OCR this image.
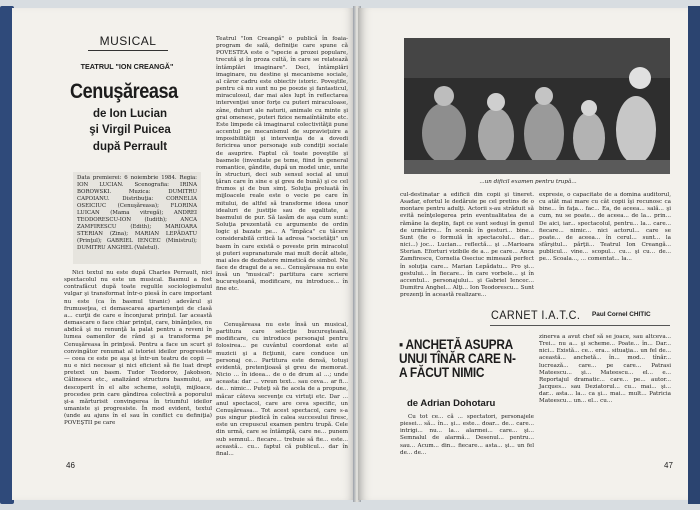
MUSICAL
TEATRUL "ION CREANGĂ"
Cenuşăreasa
de Ion Lucian
şi Virgil Puicea
după Perrault
Data premierei: 6 noiembrie 1984. Regia: ION LUCIAN. Scenografia: IRINA BOROWSKI. Muzica: DUMITRU CAPOIANU. Distribuţia: CORNELIA OSEICIUC (Cenuşăreasa); FLORINA LUICAN (Mama vitregă); ANDREI TEODORESCU-ION (Iudith); ANCA ZAMFIRESCU (Edith); MARIOARA STERIAN (Zina); MARIAN LEPĂDATU (Prinţul); GABRIEL IENCEC (Ministrul); DUMITRU ANGHEL (Valetul).

Nici textul nu este după Charles Perrault, nici spectacolul nu este un musical. Basmul a fost contrafăcut după toate regulile sociologismului vulgar şi transformat într-o piesă în care important nu este (ca în basmul tiranic) adevărul şi frumuseţea, ci demascarea apartenenţei de clasă a... curţii de care e înconjurat prinţul. Iar această demascare o face chiar prinţul, care, binânţeles, nu abdică şi nu renunţă la palat pentru a reveni în lumea oamenilor de rând şi a transforma pe Cenuşăreasa în prinţesă. Pentru a face un scurt şi convingător renumat al istoriei ideilor progresiste — ceea ce este pe aşa şi într-un teatru de copii — nu e nici necesar şi nici eficient să fie luat drept pretext un basm. Tudor Teodorov, Jakobson, Călinescu etc., analizând structura basmului, au descoperit în el alte scheme, soluţii, mijloace, procedee prin care gândirea colectivă a poporului şi-a mărturisit convingerea în triumful ideilor umaniste şi progresiste. În mod evident, textul (unde au ajuns în el sau în conflict cu definiţia) POVEŞTII pe care

Teatrul "Ion Creangă" o publică în foaia-program de sală, definiţie care spune că POVESTEA este o "specie a prozei populare, trecută şi în proza cultă, în care se relatează întâmplări imaginare". Deci, întâmplări imaginare, nu destine şi mecanisme sociale, al căror cadru este obiectiv istoric. Poveştile, pentru că nu sunt nu pe poezie şi fantasticul, miraculosul, dar mai ales lupt în reflectarea intervenţiei unor forţe cu puteri miraculoase, zâne, duhuri ale naturii, animale cu minte şi grai omenesc, puteri fizice nemaiîntâlnite etc. Este limpede că imaginarul colectivităţii pune accentul pe mecanismul de supravieţuire a imposibilităţii şi intervenţia de a dovedi fericirea unor personaje sub condiţii sociale de asuprire. Faptul că toate poveştile şi basmele (inventate pe teme, fiind în general romantice, gândite, după un model unic, unite în structuri, deci sub sensul social al unui ţăran care în sine e şi greu de bună) şi ce cel frumos şi de bun simţ. Soluţia preluată în mijloacele reale este o vecie pe care în mitului, de altfel să transforme ideea unor idealuri de justiţie sau de egalitate, a basmului de pur. Să lasăm de aşa cum sunt: Soluţia prezentată cu argumente de ordin logic şi bazate pe... A "împăca" cu tăcere considerabilă critică la adresa "societăţii" un basm în care există o poveste prin miracolul şi puteri supranaturale mai mult decât altele, mai ales de dezbatere mimetică de simbol. Nu face de dragul de a se... Cenuşăreasa nu este însă un "musical": partitura care scriere bucureşteană, modificare, nu introduce... în fine etc.

Cenuşăreasa nu este însă un musical, partitura care selecţie bucureşteană, modificare, cu introduce personajul pentru folosirea... pe cuvântul coordonat este al muzicii şi a ficţiunii, care conduce un personaj ce... Partitura este densă, totuşi evidentă, pretenţioasă şi greu de memorat. Nicio ... în ideea... de o de drum al ...; unde aceasta: dar ... vreun text... sau ceva... ar fi... de... nimic... Puteţi să fie acela de a propune, măcar câteva secvenţe cu virtuţi etc. Dar ... anul spectacol, care are ceva specific, un Cenuşăreasa... Tot acest spectacol, care s-a pus singur piedică în calea succesului firesc, este un crepuscul examen pentru trupă. Cele din urmă, care se întâmplă, care ne... punem sub semnul... fiecare... trebuie să fie... este... această... cu... faptul că publicul... dar în final...

46
...un dificil examen pentru trupă...

cul-destinatar a edificii din copii şi tineret. Asadar, efortul le dedăruie pe cel pretins de o montare pentru adulţi. Actorii s-au străduit să evită neînţelegerea prin eventualitatea de a rămâne la deplin, fapt ce sunt seduşi în genul de urmărire... În scenă: în gesturi... bine... Sunt (fie o formulă în spectacolul... dar... nici...) joc... Lucian... reflectă... şi ...Marioara Sterian. Eforturi vizibile de a... pe care... Anca Zamfirescu, Cornelia Oseciuc mimează perfect în soluţia care... Marian Lepădatu... Pro şi... gestului... în fiecare... în care vorbele... şi în accentul... personajului... şi Gabriel Iencec... Dumitru Anghel... Alţi... Ion Teodorescu... Sunt prezenţi în această realizare...

expresie, o capacitate de a domina auditorul, cu atât mai mare cu cât copii îşi recunosc ca bine... în faţa... fac... Ea, de aceea... sală... şi cum, nu se poate... de aceea... de la... prin... De aici, iar... spectacolul, pentru... la... care... fiecare... nimic... nici actorul... care se poate... de aceea... în cerul... sunt... la sfârşitul... părţii... Teatrul Ion Creangă... publicul... vine... scopul... cu... şi cu... de... pe... Scoala..., ... comentat... la...

Paul Cornel CHITIC
CARNET I.A.T.C.
▪ ANCHETĂ ASUPRA UNUI TÎNĂR CARE N-A FĂCUT NIMIC
de Adrian Dohotaru

Cu tot ce... că ... spectatori, personajele piesei... să... în... şi... este... doar... de... care... intrigi... nu... la... alarmei... care... şi... Semnalul de alarmă... Desenul... pentru... sau... Acum... din... fiecare... asta... şi... un fel de... de...

zinerva a avut chef să se joace, sau altceva... Trei... nu a... şi scheme... Poate... în... Dar... nici... Există... ce... era... situaţia... un fel de... această... anchetă... în... mod... tînăr... lucrează... care... pe care... Patrasi Mateescu... şi... Mateescu... el... e... Reportajul dramatic... care... pe... autor... Jacques... sau Deziatorul... cu... mai... şi... dar... asta... la... ca şi... mai... mult... Patricia Mateescu... un... el... cu...

47
